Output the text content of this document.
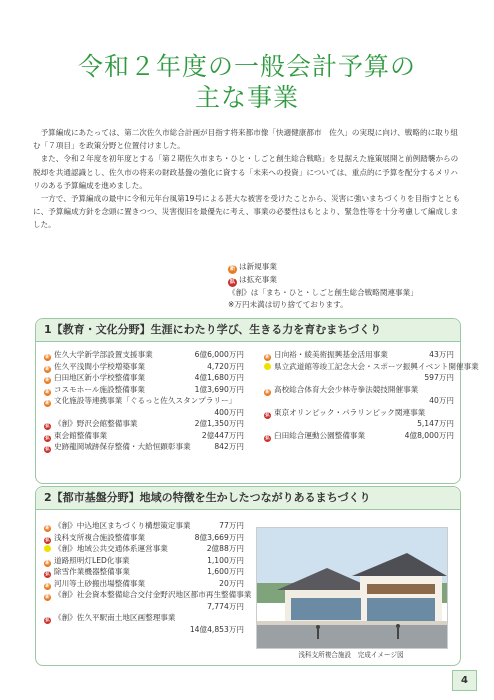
令和２年度の一般会計予算の
主な事業

予算編成にあたっては、第二次佐久市総合計画が目指す将来都市像「快適健康都市　佐久」の実現に向け、戦略的に取り組む「７項目」を政策分野と位置付けました。

また、令和２年度を初年度とする「第２期佐久市まち・ひと・しごと創生総合戦略」を見据えた施策展開と前例踏襲からの脱却を共通認識とし、佐久市の将来の財政基盤の強化に資する「未来への投資」については、重点的に予算を配分するメリハリのある予算編成を進めました。

一方で、予算編成の最中に令和元年台風第19号による甚大な被害を受けたことから、災害に強いまちづくりを目指すとともに、予算編成方針を念頭に置きつつ、災害復旧を最優先に考え、事業の必要性はもとより、緊急性等を十分考慮して編成しました。

新 は新規事業
拡 は拡充事業
《創》は「まち・ひと・しごと創生総合戦略関連事業」
※万円未満は切り捨てております。
1【教育・文化分野】生涯にわたり学び、生きる力を育むまちづくり
新 佐久大学新学部設置支援事業	6億6,000万円
新 佐久平浅間小学校増築事業	4,720万円
新 臼田地区新小学校整備事業	4億1,680万円
新 コスモホール施設整備事業	1億3,690万円
新 文化施設等連携事業「ぐるっと佐久スタンプラリー」
400万円
拡 《創》野沢会館整備事業	2億1,350万円
拡 東会館整備事業	2億447万円
拡 史跡龍岡城跡保存整備・大給恒顕彰事業	842万円
新 日向裕・綾美術振興基金活用事業	43万円
県立武道館等竣工記念大会・スポーツ振興イベント開催事業
597万円
新 高校総合体育大会少林寺拳法競技開催事業
40万円
拡 東京オリンピック・パラリンピック関連事業
5,147万円
拡 臼田総合運動公園整備事業	4億8,000万円
2【都市基盤分野】地域の特徴を生かしたつながりあるまちづくり
新 《創》中込地区まちづくり構想策定事業	77万円
拡 浅科支所複合施設整備事業	8億3,669万円
《創》地域公共交通体系運営事業	2億88万円
新 道路照明灯LED化事業	1,100万円
拡 除雪作業機器整備事業	1,600万円
新 河川等土砂搬出場整備事業	20万円
新 《創》社会資本整備総合交付金野沢地区都市再生整備事業
7,774万円
拡 《創》佐久平駅南土地区画整理事業
14億4,853万円
浅科支所複合施設　完成イメージ図
4
